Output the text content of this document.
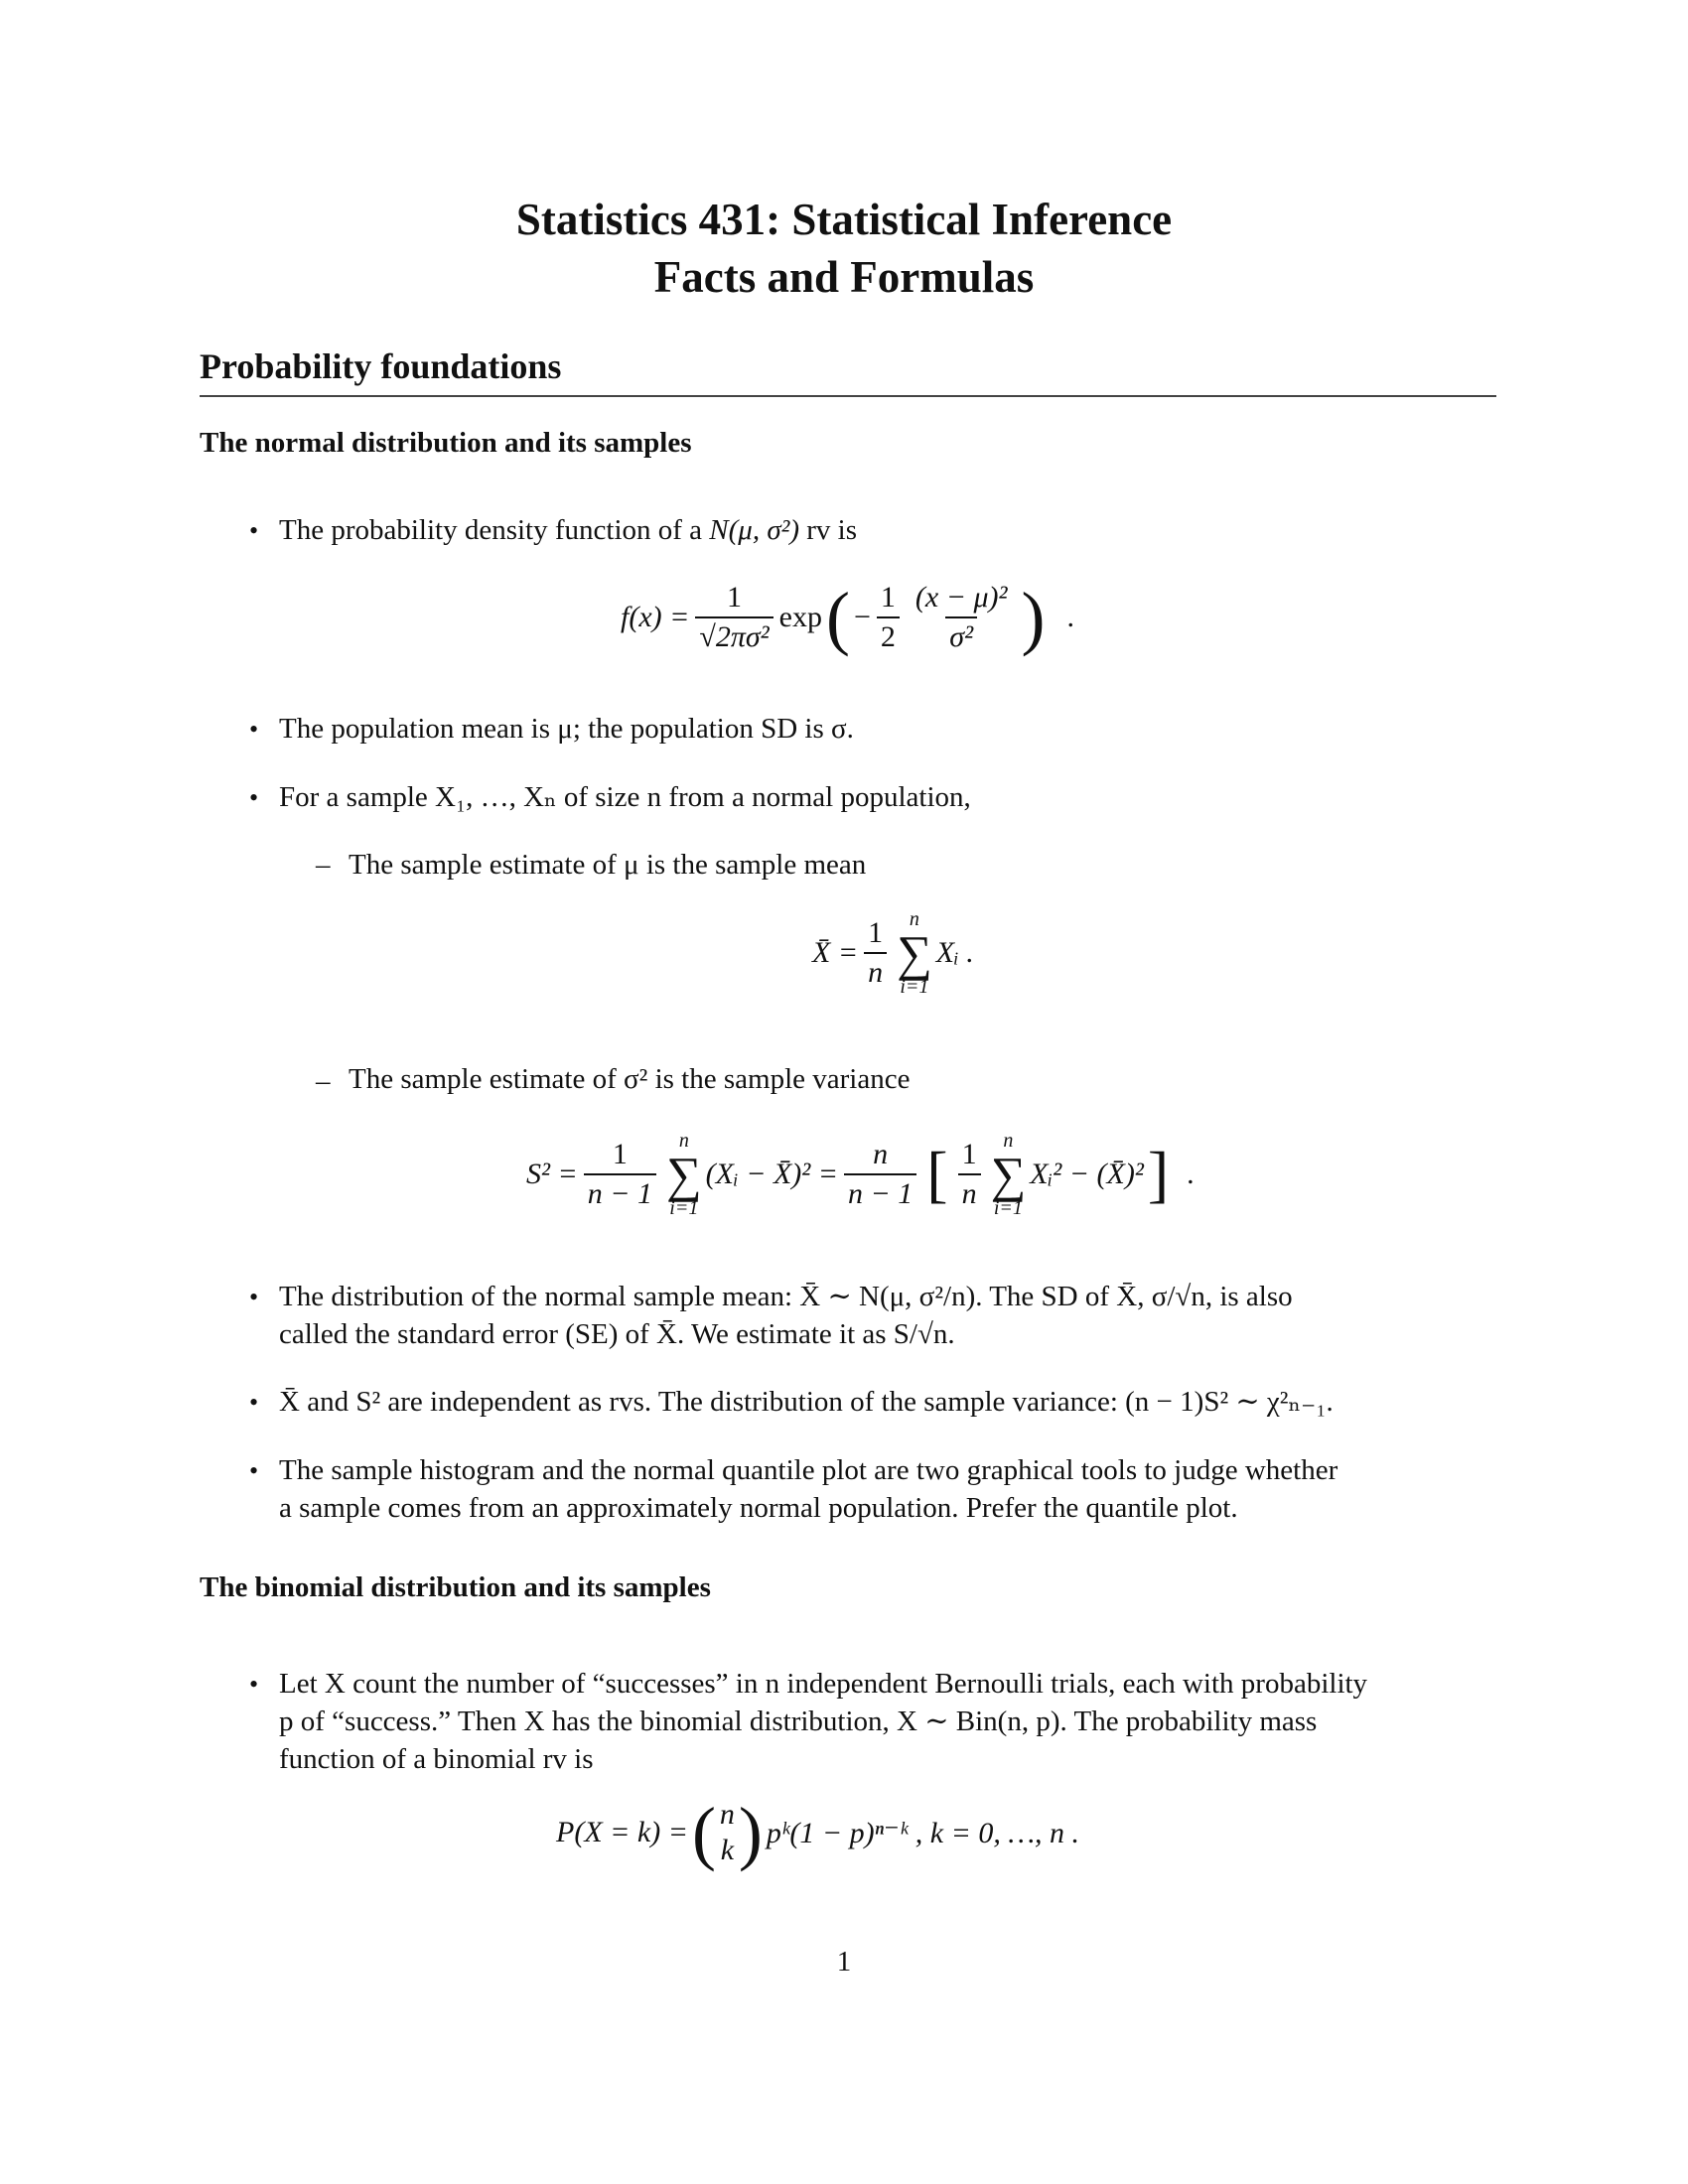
Statistics 431: Statistical Inference
Facts and Formulas
Probability foundations
The normal distribution and its samples
• The probability density function of a N(μ, σ²) rv is
$f(x) = \frac{1}{\text{√ 2πσ²}}$ exp ( − $\frac{1}{2} \frac{\text{(x − μ)²}}{\text{σ²}}$ ) .
• The population mean is μ; the population SD is σ.
• For a sample X₁, …, Xₙ of size n from a normal population,
– The sample estimate of μ is the sample mean
X̄ = $\frac{1}{n}$ n
∑
i=1
Xᵢ .
– The sample estimate of σ² is the sample variance
$S^2 = \frac{1}{n - 1}$ n
∑
i=1
(Xᵢ − X̄)² = $\frac{n}{n - 1}$ [ $\frac{1}{n}$ n
∑
i=1
Xᵢ² − (X̄)² ] .
• The distribution of the normal sample mean: X̄ ∼ N(μ, σ²/n). The SD of X̄, σ/√n, is also
called the standard error (SE) of X̄. We estimate it as S/√n.
• X̄ and S² are independent as rvs. The distribution of the sample variance: (n − 1)S² ∼ χ²ₙ₋₁.
• The sample histogram and the normal quantile plot are two graphical tools to judge whether
a sample comes from an approximately normal population. Prefer the quantile plot.
The binomial distribution and its samples
• Let X count the number of “successes” in n independent Bernoulli trials, each with probability
p of “success.” Then X has the binomial distribution, X ∼ Bin(n, p). The probability mass
function of a binomial rv is
P(X = k) = ( n
k ) pᵏ(1 − p)ⁿ⁻ᵏ , k = 0, …, n .
1
